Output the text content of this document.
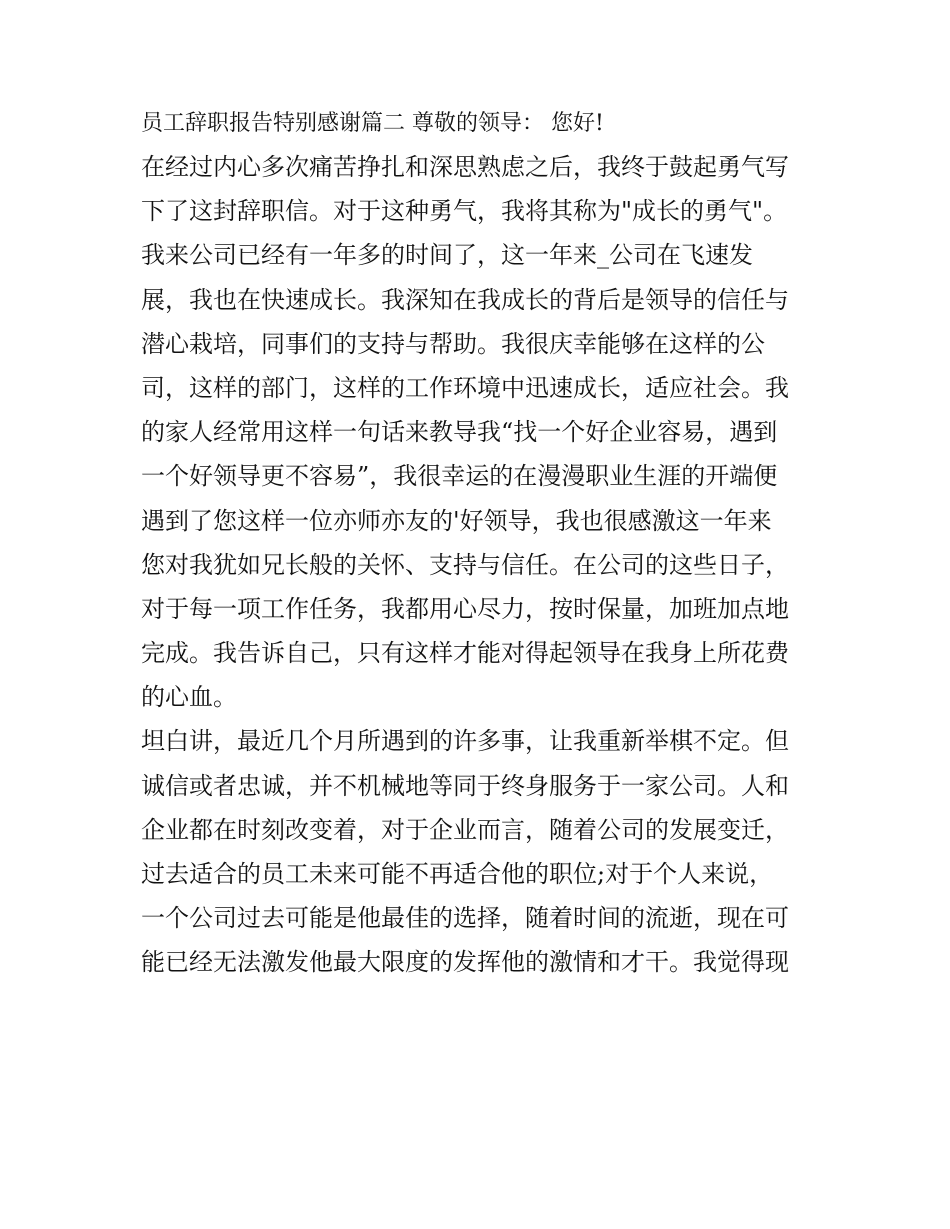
员工辞职报告特别感谢篇二 尊敬的领导： 您好!

在经过内心多次痛苦挣扎和深思熟虑之后，我终于鼓起勇气写

下了这封辞职信。对于这种勇气，我将其称为"成长的勇气"。

我来公司已经有一年多的时间了，这一年来_公司在飞速发

展，我也在快速成长。我深知在我成长的背后是领导的信任与

潜心栽培，同事们的支持与帮助。我很庆幸能够在这样的公

司，这样的部门，这样的工作环境中迅速成长，适应社会。我

的家人经常用这样一句话来教导我“找一个好企业容易，遇到

一个好领导更不容易”，我很幸运的在漫漫职业生涯的开端便

遇到了您这样一位亦师亦友的'好领导，我也很感激这一年来

您对我犹如兄长般的关怀、支持与信任。在公司的这些日子，

对于每一项工作任务，我都用心尽力，按时保量，加班加点地

完成。我告诉自己，只有这样才能对得起领导在我身上所花费

的心血。

坦白讲，最近几个月所遇到的许多事，让我重新举棋不定。但

诚信或者忠诚，并不机械地等同于终身服务于一家公司。人和

企业都在时刻改变着，对于企业而言，随着公司的发展变迁，

过去适合的员工未来可能不再适合他的职位;对于个人来说，

一个公司过去可能是他最佳的选择，随着时间的流逝，现在可

能已经无法激发他最大限度的发挥他的激情和才干。我觉得现
